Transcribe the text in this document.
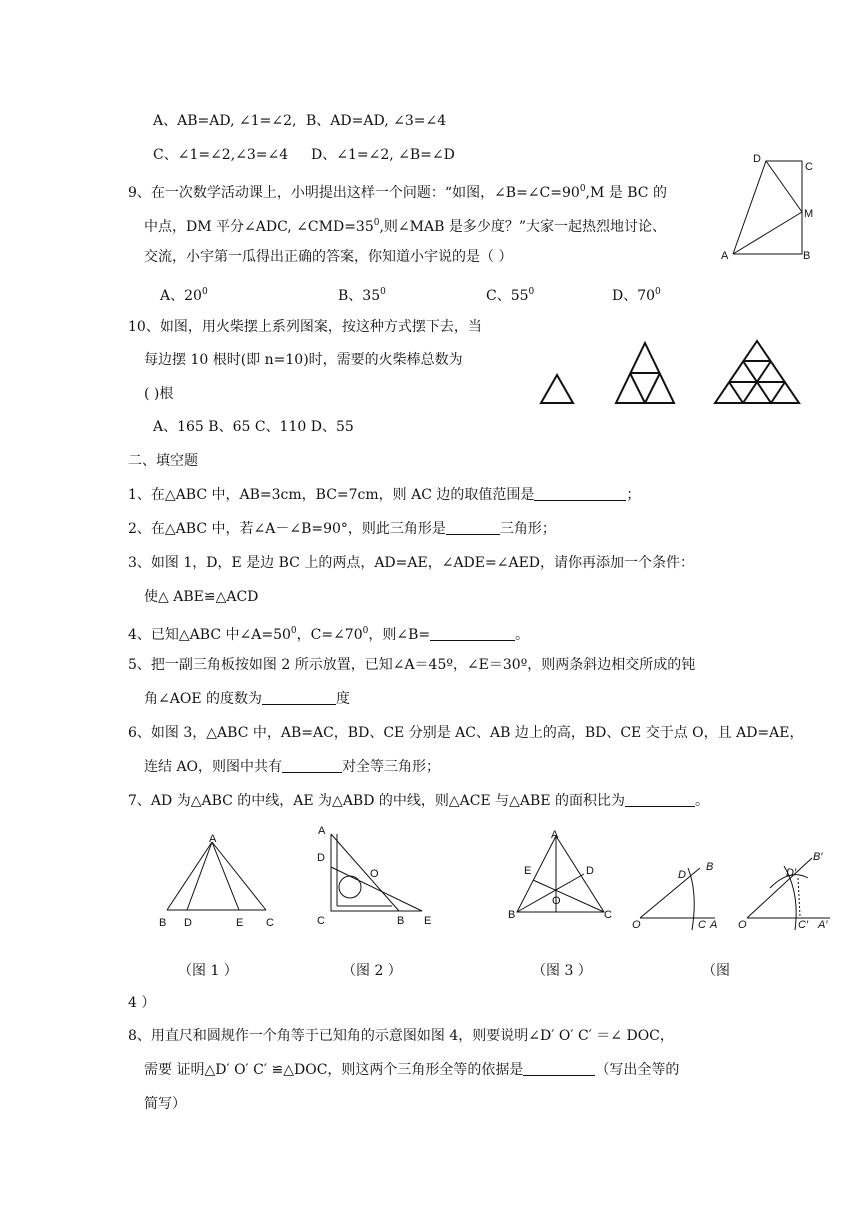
A、AB=AD, ∠1=∠2, B、AD=AD, ∠3=∠4
C、∠1=∠2,∠3=∠4 D、∠1=∠2, ∠B=∠D
9、在一次数学活动课上，小明提出这样一个问题：“如图，$\angle B=\angle C=90^0,M$ 是 BC 的
中点，DM 平分∠ADC, $\angle CMD=35^0$,则∠MAB 是多少度？”大家一起热烈地讨论、
交流，小宇第一瓜得出正确的答案，你知道小宇说的是（ ）
A、$20^0$	B、$35^0$	C、$55^0$	D、$70^0$
D
C
M
A	B
10、如图，用火柴摆上系列图案，按这种方式摆下去，当
每边摆 10 根时(即 n=10)时，需要的火柴棒总数为
( )根
A、165 B、65 C、110 D、55
二、填空题
1、在△ABC 中，AB=3cm，BC=7cm，则 AC 边的取值范围是	；
2、在△ABC 中，若∠A－∠B=90°，则此三角形是	三角形；
3、如图 1，D，E 是边 BC 上的两点，AD=AE，∠ADE=∠AED，请你再添加一个条件：
使△ ABE≌△ACD
4、已知△ABC 中$\angle A=50^0$，$C=\angle 70^0$，则∠B=	。
5、把一副三角板按如图 2 所示放置，已知∠A＝45º，∠E＝30º，则两条斜边相交所成的钝
角∠AOE 的度数为	度
6、如图 3，△ABC 中，AB=AC，BD、CE 分别是 AC、AB 边上的高，BD、CE 交于点 O，且 AD=AE，
连结 AO，则图中共有	对全等三角形；
7、AD 为△ABC 的中线，AE 为△ABD 的中线，则△ACE 与△ABE 的面积比为	。
A
B D	E C
A
D
O
C	B E
A
E	D
O
B	C
O
D
B
C A O
D′
B′
C′ A′
（图 1 ）	（图 2 ）	（图 3 ）	（图
4 ）
8、用直尺和圆规作一个角等于已知角的示意图如图 4，则要说明∠D′ O′ C′ ＝∠ DOC，
需要 证明△D′ O′ C′ ≌△DOC，则这两个三角形全等的依据是	（写出全等的
简写）
